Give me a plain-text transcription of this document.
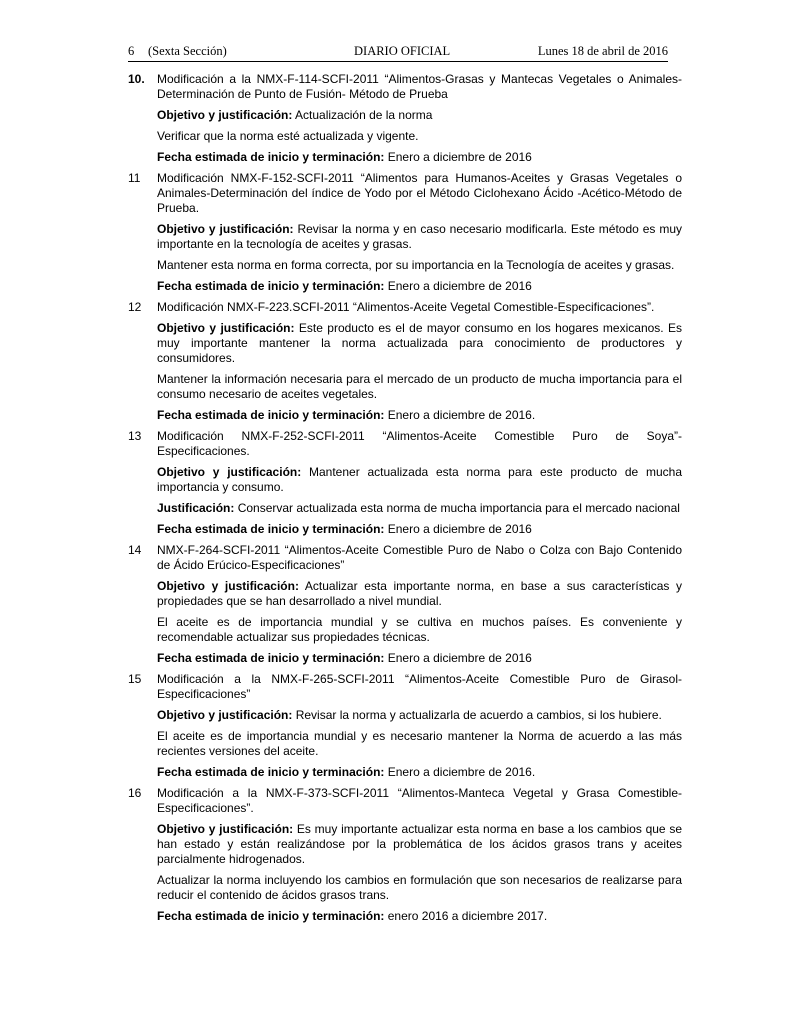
6 (Sexta Sección)	DIARIO OFICIAL	Lunes 18 de abril de 2016
10. Modificación a la NMX-F-114-SCFI-2011 “Alimentos-Grasas y Mantecas Vegetales o Animales-Determinación de Punto de Fusión- Método de Prueba

Objetivo y justificación: Actualización de la norma

Verificar que la norma esté actualizada y vigente.

Fecha estimada de inicio y terminación: Enero a diciembre de 2016

11 Modificación NMX-F-152-SCFI-2011 “Alimentos para Humanos-Aceites y Grasas Vegetales o Animales-Determinación del índice de Yodo por el Método Ciclohexano Ácido -Acético-Método de Prueba.

Objetivo y justificación: Revisar la norma y en caso necesario modificarla. Este método es muy importante en la tecnología de aceites y grasas.

Mantener esta norma en forma correcta, por su importancia en la Tecnología de aceites y grasas.

Fecha estimada de inicio y terminación: Enero a diciembre de 2016

12 Modificación NMX-F-223.SCFI-2011 “Alimentos-Aceite Vegetal Comestible-Especificaciones”.

Objetivo y justificación: Este producto es el de mayor consumo en los hogares mexicanos. Es muy importante mantener la norma actualizada para conocimiento de productores y consumidores.

Mantener la información necesaria para el mercado de un producto de mucha importancia para el consumo necesario de aceites vegetales.

Fecha estimada de inicio y terminación: Enero a diciembre de 2016.

13 Modificación NMX-F-252-SCFI-2011 “Alimentos-Aceite Comestible Puro de Soya”-Especificaciones.

Objetivo y justificación: Mantener actualizada esta norma para este producto de mucha importancia y consumo.

Justificación: Conservar actualizada esta norma de mucha importancia para el mercado nacional

Fecha estimada de inicio y terminación: Enero a diciembre de 2016

14 NMX-F-264-SCFI-2011 “Alimentos-Aceite Comestible Puro de Nabo o Colza con Bajo Contenido de Ácido Erúcico-Especificaciones”

Objetivo y justificación: Actualizar esta importante norma, en base a sus características y propiedades que se han desarrollado a nivel mundial.

El aceite es de importancia mundial y se cultiva en muchos países. Es conveniente y recomendable actualizar sus propiedades técnicas.

Fecha estimada de inicio y terminación: Enero a diciembre de 2016

15 Modificación a la NMX-F-265-SCFI-2011 “Alimentos-Aceite Comestible Puro de Girasol-Especificaciones”

Objetivo y justificación: Revisar la norma y actualizarla de acuerdo a cambios, si los hubiere.

El aceite es de importancia mundial y es necesario mantener la Norma de acuerdo a las más recientes versiones del aceite.

Fecha estimada de inicio y terminación: Enero a diciembre de 2016.

16 Modificación a la NMX-F-373-SCFI-2011 “Alimentos-Manteca Vegetal y Grasa Comestible-Especificaciones”.

Objetivo y justificación: Es muy importante actualizar esta norma en base a los cambios que se han estado y están realizándose por la problemática de los ácidos grasos trans y aceites parcialmente hidrogenados.

Actualizar la norma incluyendo los cambios en formulación que son necesarios de realizarse para reducir el contenido de ácidos grasos trans.

Fecha estimada de inicio y terminación: enero 2016 a diciembre 2017.
